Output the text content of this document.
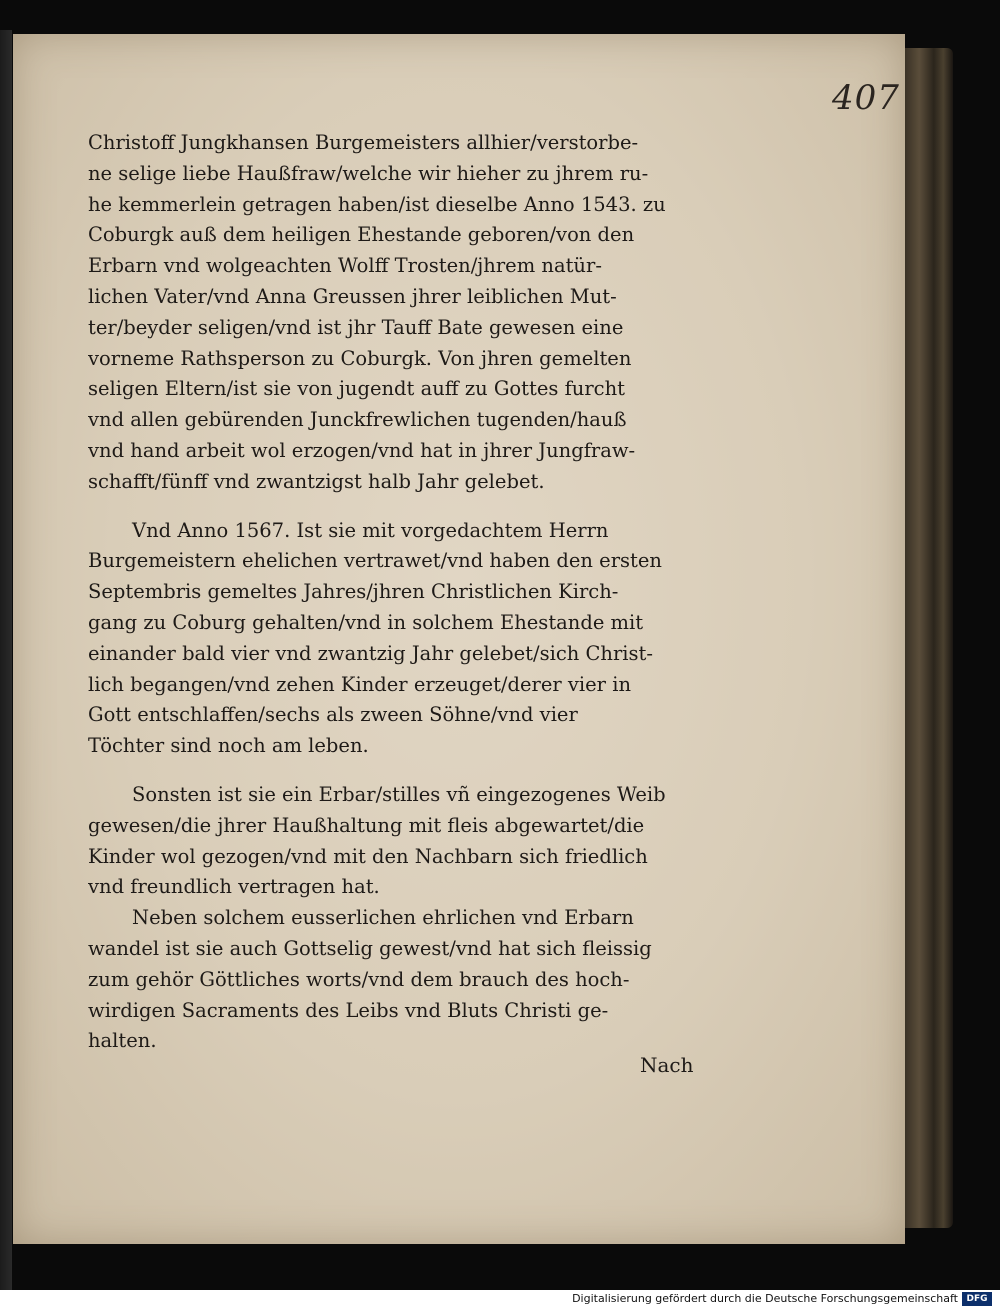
407
Christoff Jungkhansen Burgemeisters allhier/verstorbe-
ne selige liebe Haußfraw/welche wir hieher zu jhrem ru-
he kemmerlein getragen haben/ist dieselbe Anno 1543. zu
Coburgk auß dem heiligen Ehestande geboren/von den
Erbarn vnd wolgeachten Wolff Trosten/jhrem natür-
lichen Vater/vnd Anna Greussen jhrer leiblichen Mut-
ter/beyder seligen/vnd ist jhr Tauff Bate gewesen eine
vorneme Rathsperson zu Coburgk. Von jhren gemelten
seligen Eltern/ist sie von jugendt auff zu Gottes furcht
vnd allen gebürenden Junckfrewlichen tugenden/hauß
vnd hand arbeit wol erzogen/vnd hat in jhrer Jungfraw-
schafft/fünff vnd zwantzigst halb Jahr gelebet.
Vnd Anno 1567. Ist sie mit vorgedachtem Herrn
Burgemeistern ehelichen vertrawet/vnd haben den ersten
Septembris gemeltes Jahres/jhren Christlichen Kirch-
gang zu Coburg gehalten/vnd in solchem Ehestande mit
einander bald vier vnd zwantzig Jahr gelebet/sich Christ-
lich begangen/vnd zehen Kinder erzeuget/derer vier in
Gott entschlaffen/sechs als zween Söhne/vnd vier
Töchter sind noch am leben.
Sonsten ist sie ein Erbar/stilles vñ eingezogenes Weib
gewesen/die jhrer Haußhaltung mit fleis abgewartet/die
Kinder wol gezogen/vnd mit den Nachbarn sich friedlich
vnd freundlich vertragen hat.
Neben solchem eusserlichen ehrlichen vnd Erbarn
wandel ist sie auch Gottselig gewest/vnd hat sich fleissig
zum gehör Göttliches worts/vnd dem brauch des hoch-
wirdigen Sacraments des Leibs vnd Bluts Christi ge-
halten.
Nach
Digitalisierung gefördert durch die Deutsche Forschungsgemeinschaft DFG
